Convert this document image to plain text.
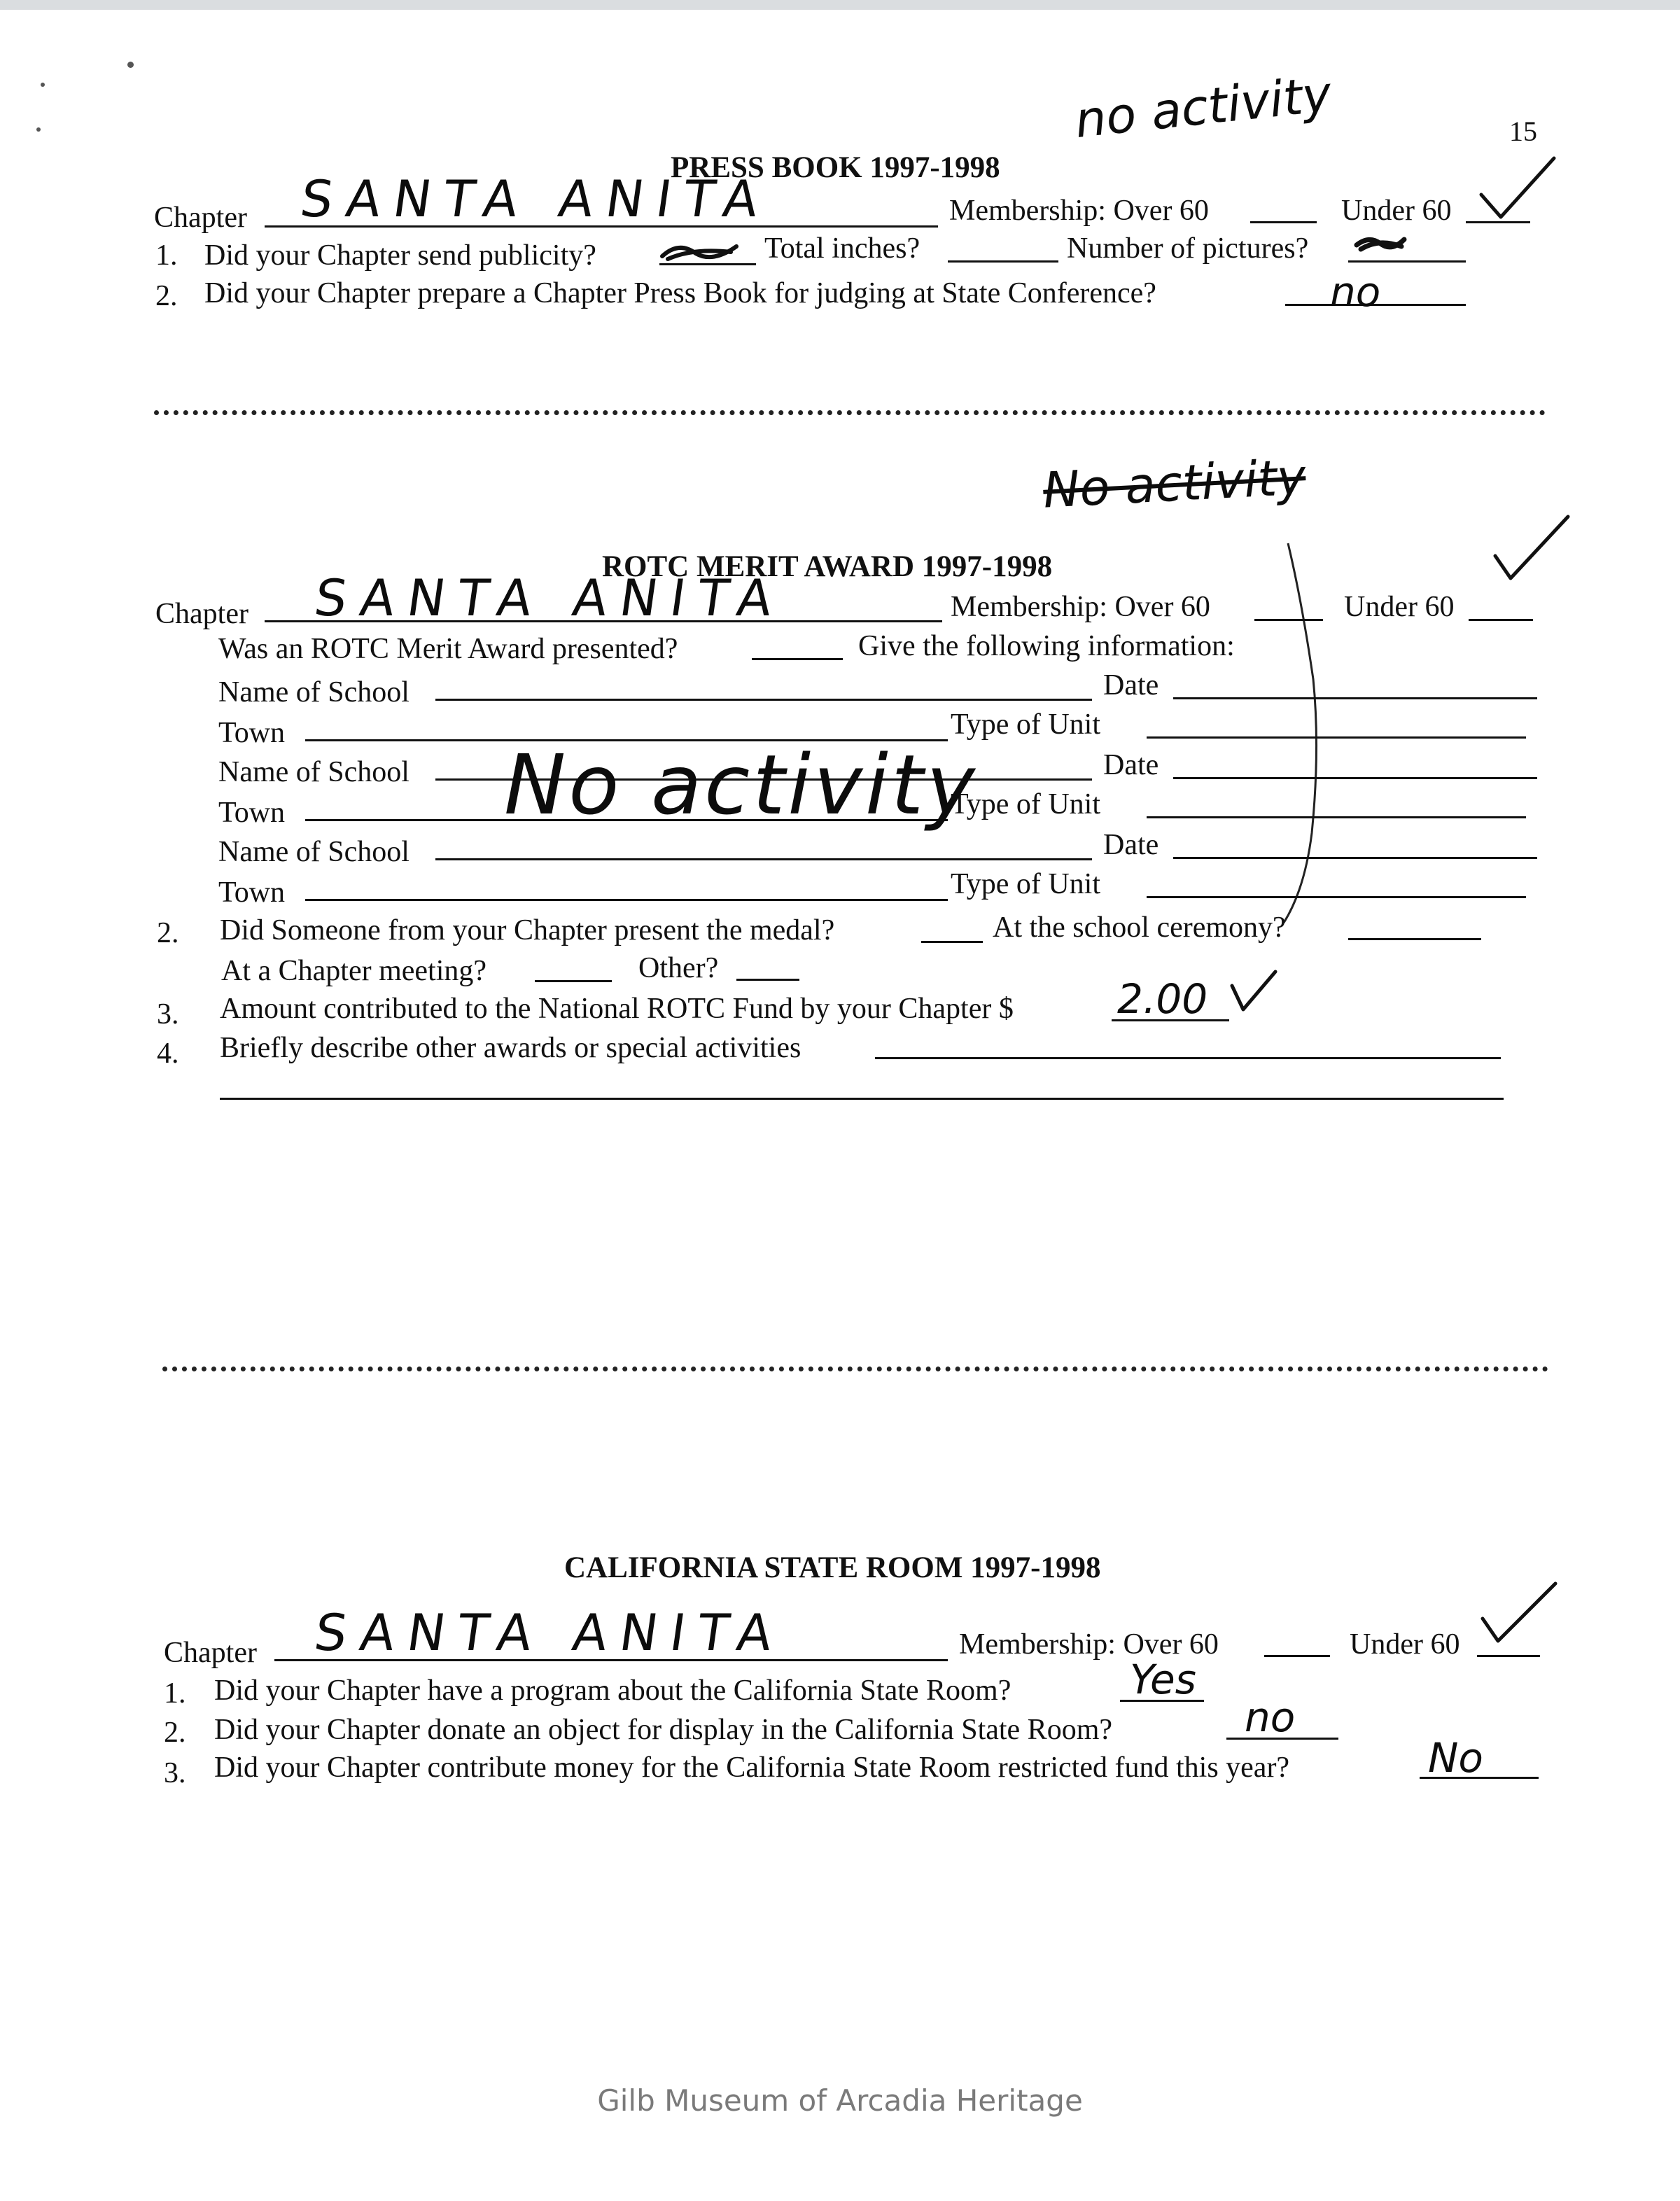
15
no activity
PRESS BOOK 1997-1998
Chapter SANTA ANITA	Membership: Over 60	Under 60
1. Did your Chapter send publicity?	Total inches?	Number of pictures?
2. Did your Chapter prepare a Chapter Press Book for judging at State Conference?	no
No activity
ROTC MERIT AWARD 1997-1998
Chapter SANTA ANITA	Membership: Over 60	Under 60
Was an ROTC Merit Award presented?	Give the following information:
Name of School	Date
Town	Type of Unit
Name of School	Date
Town	Type of Unit
Name of School	Date
Town	Type of Unit
No activity
2. Did Someone from your Chapter present the medal?	At the school ceremony?
At a Chapter meeting?	Other?
3. Amount contributed to the National ROTC Fund by your Chapter $	2.00
4. Briefly describe other awards or special activities
CALIFORNIA STATE ROOM 1997-1998
Chapter SANTA ANITA	Membership: Over 60	Under 60
1. Did your Chapter have a program about the California State Room?	Yes
2. Did your Chapter donate an object for display in the California State Room?	no
3. Did your Chapter contribute money for the California State Room restricted fund this year?	No
Gilb Museum of Arcadia Heritage
